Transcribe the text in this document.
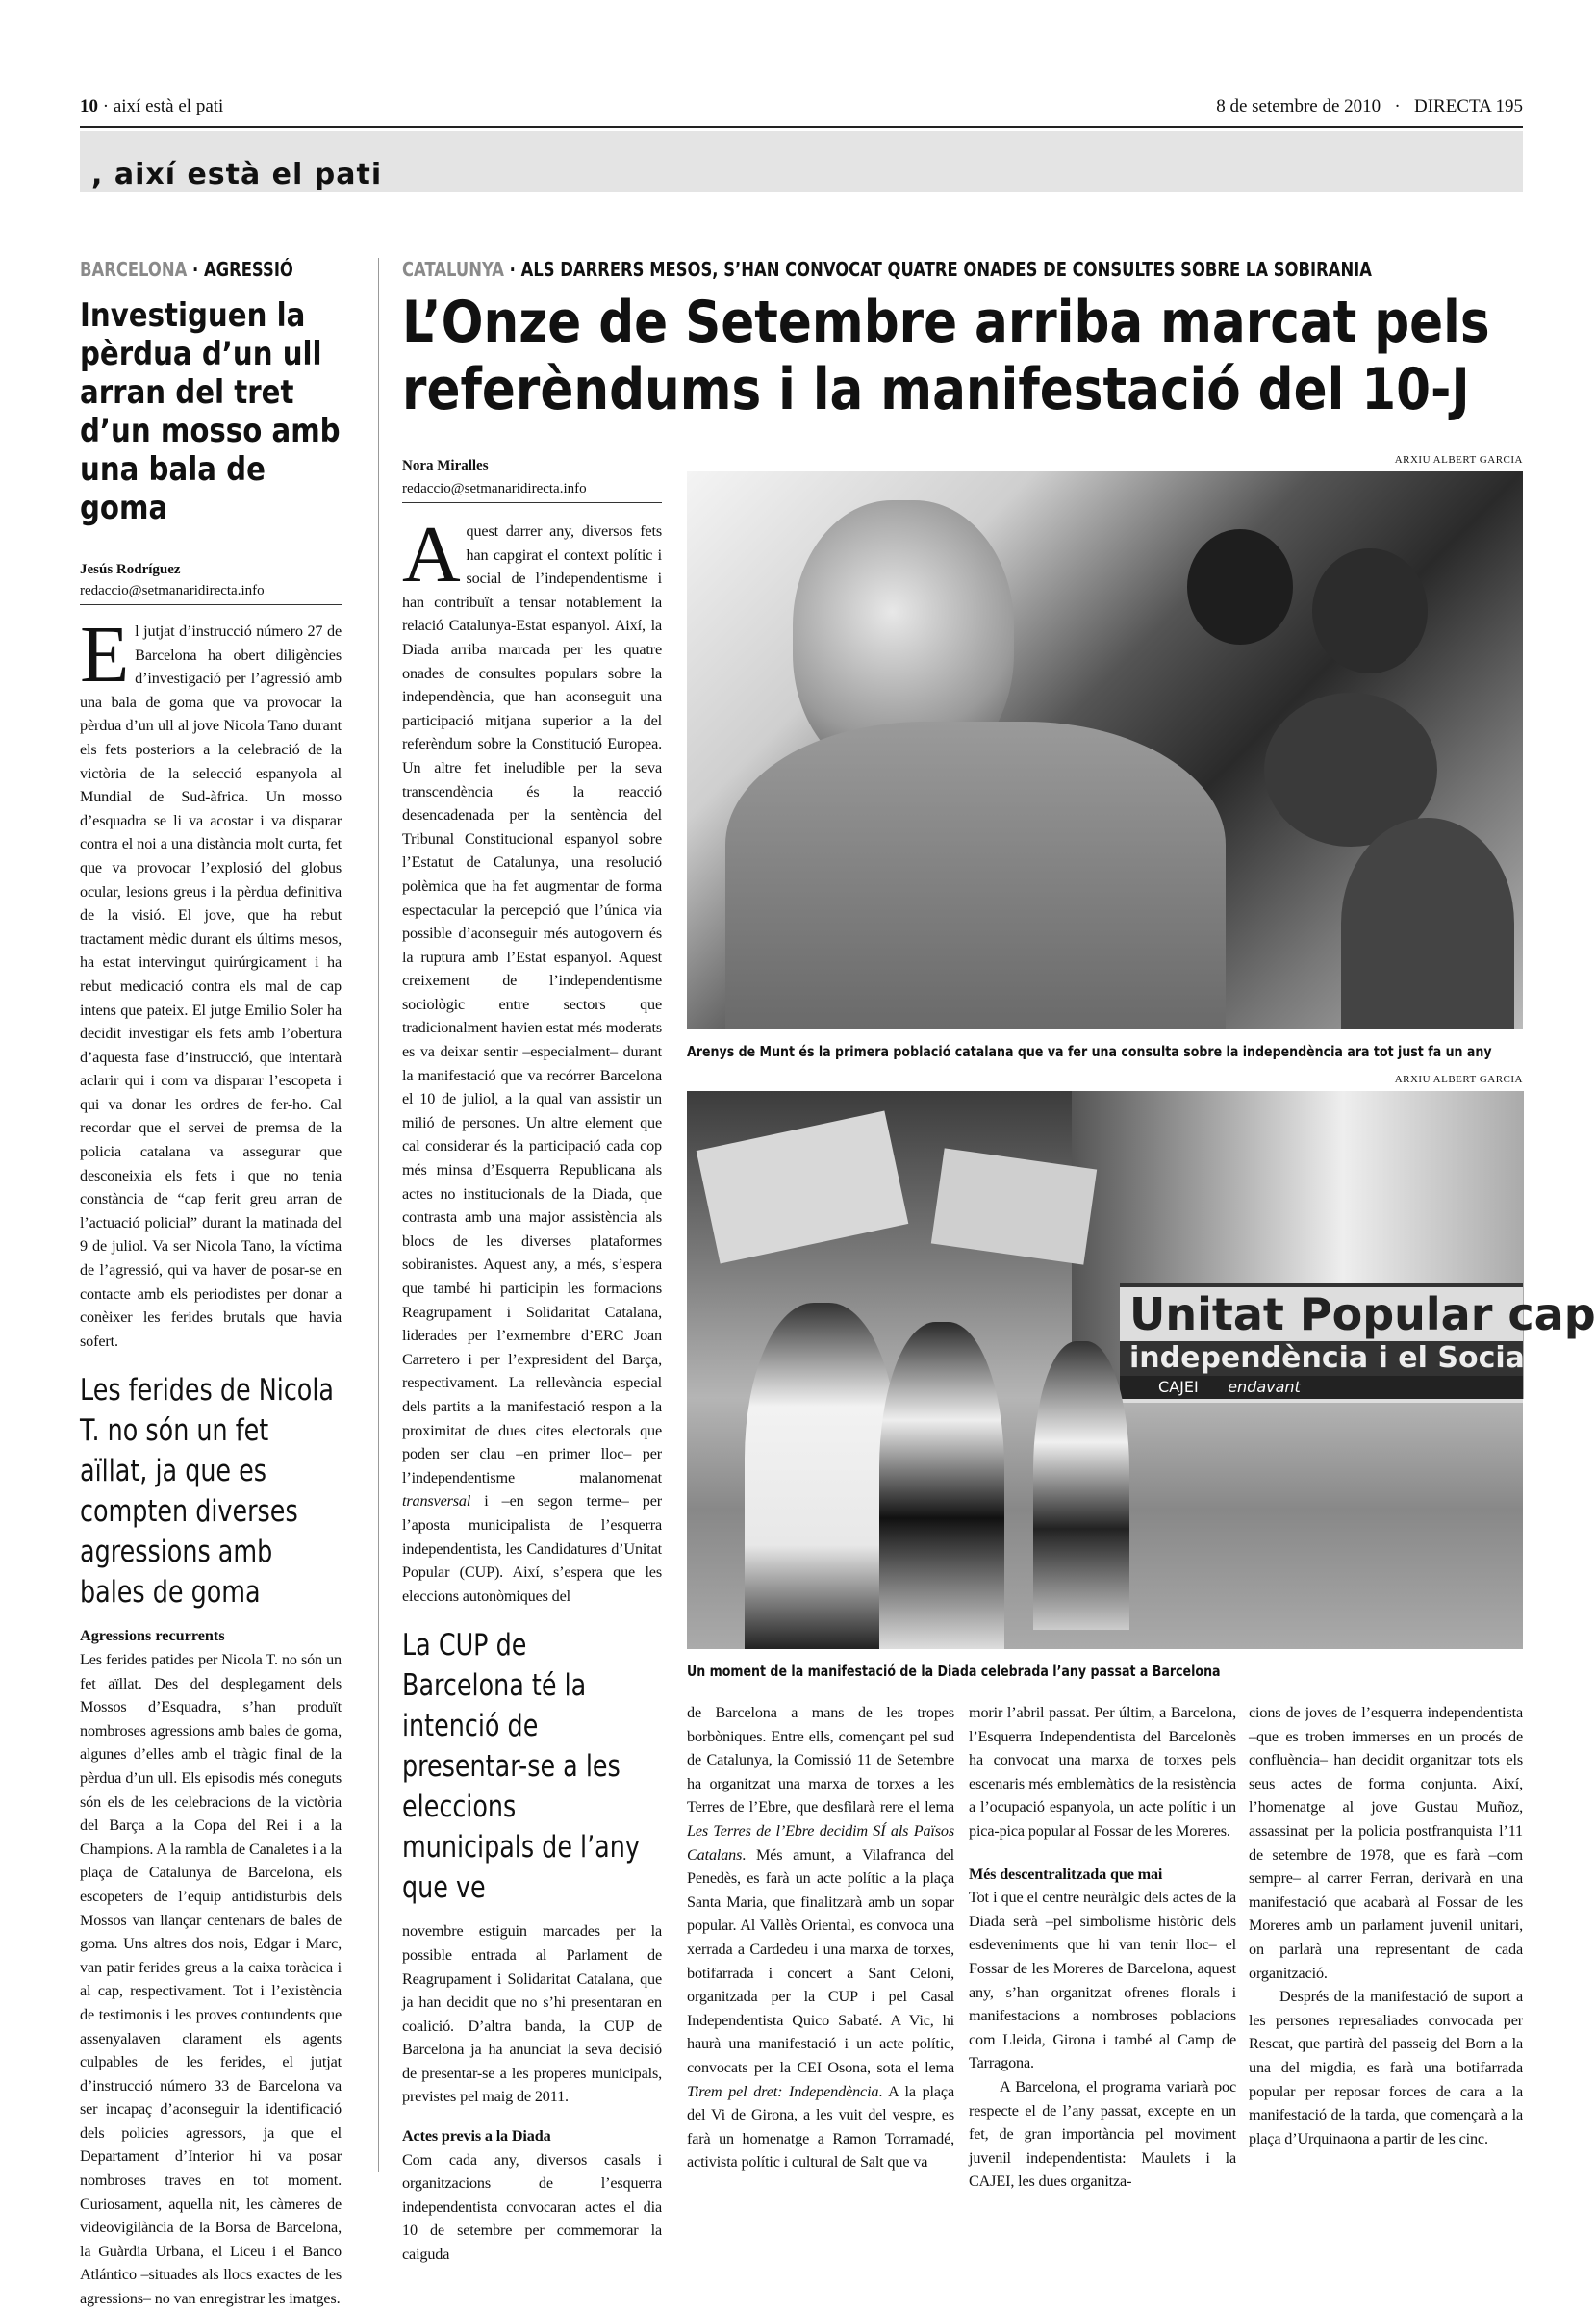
10 · així està el pati	8 de setembre de 2010 · DIRECTA 195
, així està el pati
BARCELONA · AGRESSIÓ
Investiguen la pèrdua d’un ull arran del tret d’un mosso amb una bala de goma
Jesús Rodríguez
redaccio@setmanaridirecta.info

El jutjat d’instrucció número 27 de Barcelona ha obert diligències d’investigació per l’agressió amb una bala de goma que va provocar la pèrdua d’un ull al jove Nicola Tano durant els fets posteriors a la celebració de la victòria de la selecció espanyola al Mundial de Sud-àfrica. Un mosso d’esquadra se li va acostar i va disparar contra el noi a una distància molt curta, fet que va provocar l’explosió del globus ocular, lesions greus i la pèrdua definitiva de la visió. El jove, que ha rebut tractament mèdic durant els últims mesos, ha estat intervingut quirúrgicament i ha rebut medicació contra els mal de cap intens que pateix. El jutge Emilio Soler ha decidit investigar els fets amb l’obertura d’aquesta fase d’instrucció, que intentarà aclarir qui i com va disparar l’escopeta i qui va donar les ordres de fer-ho. Cal recordar que el servei de premsa de la policia catalana va assegurar que desconeixia els fets i que no tenia constància de “cap ferit greu arran de l’actuació policial” durant la matinada del 9 de juliol. Va ser Nicola Tano, la víctima de l’agressió, qui va haver de posar-se en contacte amb els periodistes per donar a conèixer les ferides brutals que havia sofert.

Les ferides de Nicola T. no són un fet aïllat, ja que es compten diverses agressions amb bales de goma
Agressions recurrents

Les ferides patides per Nicola T. no són un fet aïllat. Des del desplegament dels Mossos d’Esquadra, s’han produït nombroses agressions amb bales de goma, algunes d’elles amb el tràgic final de la pèrdua d’un ull. Els episodis més coneguts són els de les celebracions de la victòria del Barça a la Copa del Rei i a la Champions. A la rambla de Canaletes i a la plaça de Catalunya de Barcelona, els escopeters de l’equip antidisturbis dels Mossos van llançar centenars de bales de goma. Uns altres dos nois, Edgar i Marc, van patir ferides greus a la caixa toràcica i al cap, respectivament. Tot i l’existència de testimonis i les proves contundents que assenyalaven clarament els agents culpables de les ferides, el jutjat d’instrucció número 33 de Barcelona va ser incapaç d’aconseguir la identificació dels policies agressors, ja que el Departament d’Interior hi va posar nombroses traves en tot moment. Curiosament, aquella nit, les càmeres de videovigilància de la Borsa de Barcelona, la Guàrdia Urbana, el Liceu i el Banco Atlántico –situades als llocs exactes de les agressions– no van enregistrar les imatges.

CATALUNYA · ALS DARRERS MESOS, S’HAN CONVOCAT QUATRE ONADES DE CONSULTES SOBRE LA SOBIRANIA
L’Onze de Setembre arriba marcat pels
referèndums i la manifestació del 10-J
Nora Miralles
redaccio@setmanaridirecta.info

Aquest darrer any, diversos fets han capgirat el context polític i social de l’independentisme i han contribuït a tensar notablement la relació Catalunya-Estat espanyol. Així, la Diada arriba marcada per les quatre onades de consultes populars sobre la independència, que han aconseguit una participació mitjana superior a la del referèndum sobre la Constitució Europea. Un altre fet ineludible per la seva transcendència és la reacció desencadenada per la sentència del Tribunal Constitucional espanyol sobre l’Estatut de Catalunya, una resolució polèmica que ha fet augmentar de forma espectacular la percepció que l’única via possible d’aconseguir més autogovern és la ruptura amb l’Estat espanyol. Aquest creixement de l’independentisme sociològic entre sectors que tradicionalment havien estat més moderats es va deixar sentir –especialment– durant la manifestació que va recórrer Barcelona el 10 de juliol, a la qual van assistir un milió de persones. Un altre element que cal considerar és la participació cada cop més minsa d’Esquerra Republicana als actes no institucionals de la Diada, que contrasta amb una major assistència als blocs de les diverses plataformes sobiranistes. Aquest any, a més, s’espera que també hi participin les formacions Reagrupament i Solidaritat Catalana, liderades per l’exmembre d’ERC Joan Carretero i per l’expresident del Barça, respectivament. La rellevància especial dels partits a la manifestació respon a la proximitat de dues cites electorals que poden ser clau –en primer lloc– per l’independentisme malanomenat transversal i –en segon terme– per l’aposta municipalista de l’esquerra independentista, les Candidatures d’Unitat Popular (CUP). Així, s’espera que les eleccions autonòmiques del

La CUP de Barcelona té la intenció de presentar-se a les eleccions municipals de l’any que ve

novembre estiguin marcades per la possible entrada al Parlament de Reagrupament i Solidaritat Catalana, que ja han decidit que no s’hi presentaran en coalició. D’altra banda, la CUP de Barcelona ja ha anunciat la seva decisió de presentar-se a les properes municipals, previstes pel maig de 2011.

Actes previs a la Diada

Com cada any, diversos casals i organitzacions de l’esquerra independentista convocaran actes el dia 10 de setembre per commemorar la caiguda

ARXIU ALBERT GARCIA
Arenys de Munt és la primera població catalana que va fer una consulta sobre la independència ara tot just fa un any
ARXIU ALBERT GARCIA
Unitat Popular cap
independència i el Socia
CAJEI endavant
Un moment de la manifestació de la Diada celebrada l’any passat a Barcelona

de Barcelona a mans de les tropes borbòniques. Entre ells, començant pel sud de Catalunya, la Comissió 11 de Setembre ha organitzat una marxa de torxes a les Terres de l’Ebre, que desfilarà rere el lema Les Terres de l’Ebre decidim SÍ als Països Catalans. Més amunt, a Vilafranca del Penedès, es farà un acte polític a la plaça Santa Maria, que finalitzarà amb un sopar popular. Al Vallès Oriental, es convoca una xerrada a Cardedeu i una marxa de torxes, botifarrada i concert a Sant Celoni, organitzada per la CUP i pel Casal Independentista Quico Sabaté. A Vic, hi haurà una manifestació i un acte polític, convocats per la CEI Osona, sota el lema Tirem pel dret: Independència. A la plaça del Vi de Girona, a les vuit del vespre, es farà un homenatge a Ramon Torramadé, activista polític i cultural de Salt que va

morir l’abril passat. Per últim, a Barcelona, l’Esquerra Independentista del Barcelonès ha convocat una marxa de torxes pels escenaris més emblemàtics de la resistència a l’ocupació espanyola, un acte polític i un pica-pica popular al Fossar de les Moreres.

Més descentralitzada que mai

Tot i que el centre neuràlgic dels actes de la Diada serà –pel simbolisme històric dels esdeveniments que hi van tenir lloc– el Fossar de les Moreres de Barcelona, aquest any, s’han organitzat ofrenes florals i manifestacions a nombroses poblacions com Lleida, Girona i també al Camp de Tarragona.

A Barcelona, el programa variarà poc respecte el de l’any passat, excepte en un fet, de gran importància pel moviment juvenil independentista: Maulets i la CAJEI, les dues organitza-

cions de joves de l’esquerra independentista –que es troben immerses en un procés de confluència– han decidit organitzar tots els seus actes de forma conjunta. Així, l’homenatge al jove Gustau Muñoz, assassinat per la policia postfranquista l’11 de setembre de 1978, que es farà –com sempre– al carrer Ferran, derivarà en una manifestació que acabarà al Fossar de les Moreres amb un parlament juvenil unitari, on parlarà una representant de cada organització.

Després de la manifestació de suport a les persones represaliades convocada per Rescat, que partirà del passeig del Born a la una del migdia, es farà una botifarrada popular per reposar forces de cara a la manifestació de la tarda, que començarà a la plaça d’Urquinaona a partir de les cinc.
